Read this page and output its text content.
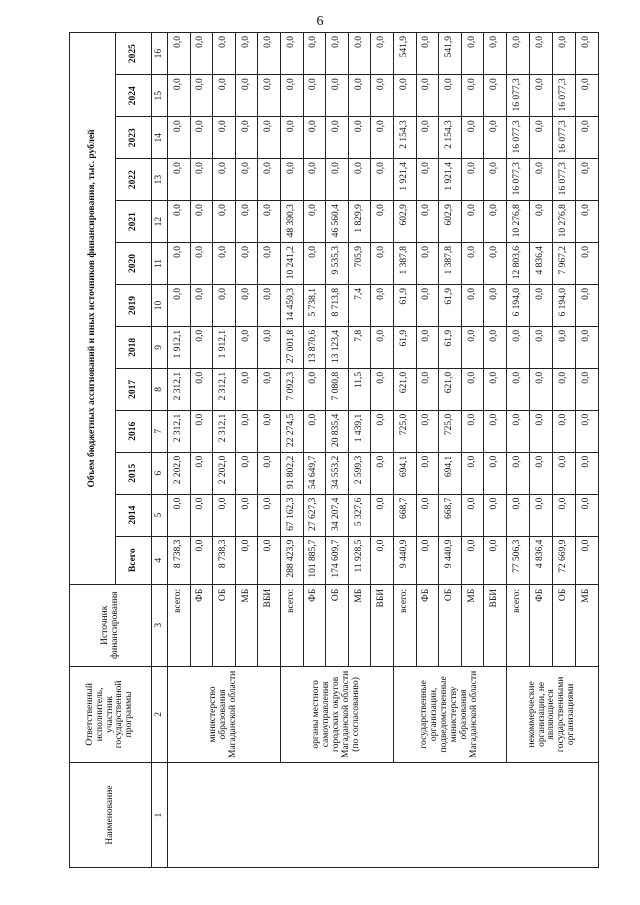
6
Наименование	Ответственный исполнитель, участник государственной программы	Источник финансирования	Объем бюджетных ассигнований и иных источников финансирования, тыс. рублей												
			Всего	2014	2015	2016	2017	2018	2019	2020	2021	2022	2023	2024	2025
1	2	3	4	5	6	7	8	9	10	11	12	13	14	15	16
	министерство образования Магаданской области	всего:	8 738,3	0,0	2 202,0	2 312,1	2 312,1	1 912,1	0,0	0,0	0,0	0,0	0,0	0,0	0,0
		ФБ	0,0	0,0	0,0	0,0	0,0	0,0	0,0	0,0	0,0	0,0	0,0	0,0	0,0
		ОБ	8 738,3	0,0	2 202,0	2 312,1	2 312,1	1 912,1	0,0	0,0	0,0	0,0	0,0	0,0	0,0
		МБ	0,0	0,0	0,0	0,0	0,0	0,0	0,0	0,0	0,0	0,0	0,0	0,0	0,0
		ВБИ	0,0	0,0	0,0	0,0	0,0	0,0	0,0	0,0	0,0	0,0	0,0	0,0	0,0
	органы местного самоуправления городских округов Магаданской области (по согласованию)	всего:	288 423,9	67 162,3	91 802,2	22 274,5	7 092,3	27 001,8	14 459,3	10 241,2	48 390,3	0,0	0,0	0,0	0,0
		ФБ	101 885,7	27 627,3	54 649,7	0,0	0,0	13 870,6	5 738,1	0,0	0,0	0,0	0,0	0,0	0,0
		ОБ	174 609,7	34 207,4	34 553,2	20 835,4	7 080,8	13 123,4	8 713,8	9 535,3	46 560,4	0,0	0,0	0,0	0,0
		МБ	11 928,5	5 327,6	2 599,3	1 439,1	11,5	7,8	7,4	705,9	1 829,9	0,0	0,0	0,0	0,0
		ВБИ	0,0	0,0	0,0	0,0	0,0	0,0	0,0	0,0	0,0	0,0	0,0	0,0	0,0
	государственные организации, подведомственные министерству образования Магаданской области	всего:	9 440,9	668,7	694,1	725,0	621,0	61,9	61,9	1 387,8	602,9	1 921,4	2 154,3	0,0	541,9
		ФБ	0,0	0,0	0,0	0,0	0,0	0,0	0,0	0,0	0,0	0,0	0,0	0,0	0,0
		ОБ	9 440,9	668,7	694,1	725,0	621,0	61,9	61,9	1 387,8	602,9	1 921,4	2 154,3	0,0	541,9
		МБ	0,0	0,0	0,0	0,0	0,0	0,0	0,0	0,0	0,0	0,0	0,0	0,0	0,0
		ВБИ	0,0	0,0	0,0	0,0	0,0	0,0	0,0	0,0	0,0	0,0	0,0	0,0	0,0
	некоммерческие организации, не являющиеся государственными организациями	всего:	77 506,3	0,0	0,0	0,0	0,0	0,0	6 194,0	12 803,6	10 276,8	16 077,3	16 077,3	16 077,3	0,0
		ФБ	4 836,4	0,0	0,0	0,0	0,0	0,0	0,0	4 836,4	0,0	0,0	0,0	0,0	0,0
		ОБ	72 669,9	0,0	0,0	0,0	0,0	0,0	6 194,0	7 967,2	10 276,8	16 077,3	16 077,3	16 077,3	0,0
		МБ	0,0	0,0	0,0	0,0	0,0	0,0	0,0	0,0	0,0	0,0	0,0	0,0	0,0
